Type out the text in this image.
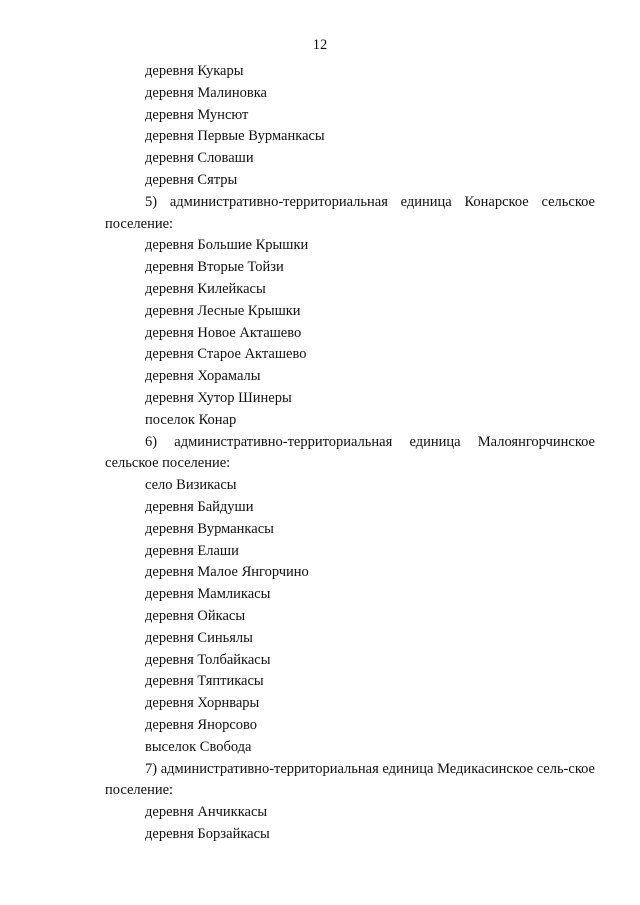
12
деревня Кукары
деревня Малиновка
деревня Мунсют
деревня Первые Вурманкасы
деревня Словаши
деревня Сятры
5) административно-территориальная единица Конарское сельское поселение:
деревня Большие Крышки
деревня Вторые Тойзи
деревня Килейкасы
деревня Лесные Крышки
деревня Новое Акташево
деревня Старое Акташево
деревня Хорамалы
деревня Хутор Шинеры
поселок Конар
6) административно-территориальная единица Малоянгорчинское сельское поселение:
село Визикасы
деревня Байдуши
деревня Вурманкасы
деревня Елаши
деревня Малое Янгорчино
деревня Мамликасы
деревня Ойкасы
деревня Синьялы
деревня Толбайкасы
деревня Тяптикасы
деревня Хорнвары
деревня Янорсово
выселок Свобода
7) административно-территориальная единица Медикасинское сель-ское поселение:
деревня Анчиккасы
деревня Борзайкасы
